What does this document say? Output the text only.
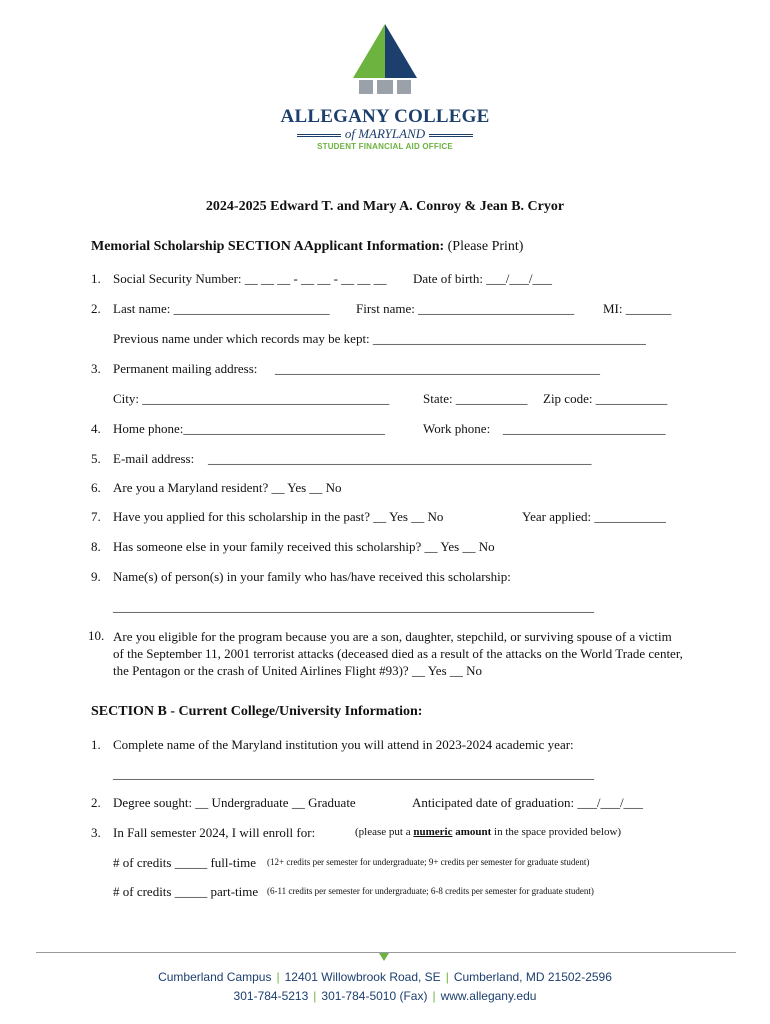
ALLEGANY COLLEGE
of MARYLAND
STUDENT FINANCIAL AID OFFICE
2024-2025 Edward T. and Mary A. Conroy & Jean B. Cryor
Memorial Scholarship SECTION AApplicant Information: (Please Print)
1. Social Security Number: __ __ __ - __ __ - __ __ __ Date of birth: ___/___/___
2. Last name: ________________________ First name: ________________________ MI: _______
Previous name under which records may be kept: __________________________________________
3. Permanent mailing address: __________________________________________________
City: ______________________________________	State: ___________ Zip code: ___________
4. Home phone:_______________________________	Work phone: _________________________
5. E-mail address: ___________________________________________________________
6. Are you a Maryland resident? __ Yes __ No
7. Have you applied for this scholarship in the past? __ Yes __ No	Year applied: ___________
8. Has someone else in your family received this scholarship? __ Yes __ No
9. Name(s) of person(s) in your family who has/have received this scholarship:
__________________________________________________________________________
10. Are you eligible for the program because you are a son, daughter, stepchild, or surviving spouse of a victim of the September 11, 2001 terrorist attacks (deceased died as a result of the attacks on the World Trade center, the Pentagon or the crash of United Airlines Flight #93)? __ Yes __ No
SECTION B - Current College/University Information:
1. Complete name of the Maryland institution you will attend in 2023-2024 academic year:
__________________________________________________________________________
2. Degree sought: __ Undergraduate __ Graduate	Anticipated date of graduation: ___/___/___
3. In Fall semester 2024, I will enroll for:	(please put a numeric amount in the space provided below)
# of credits _____ full-time (12+ credits per semester for undergraduate; 9+ credits per semester for graduate student)
# of credits _____ part-time (6-11 credits per semester for undergraduate; 6-8 credits per semester for graduate student)
Cumberland Campus | 12401 Willowbrook Road, SE | Cumberland, MD 21502-2596
301-784-5213 | 301-784-5010 (Fax) | www.allegany.edu
